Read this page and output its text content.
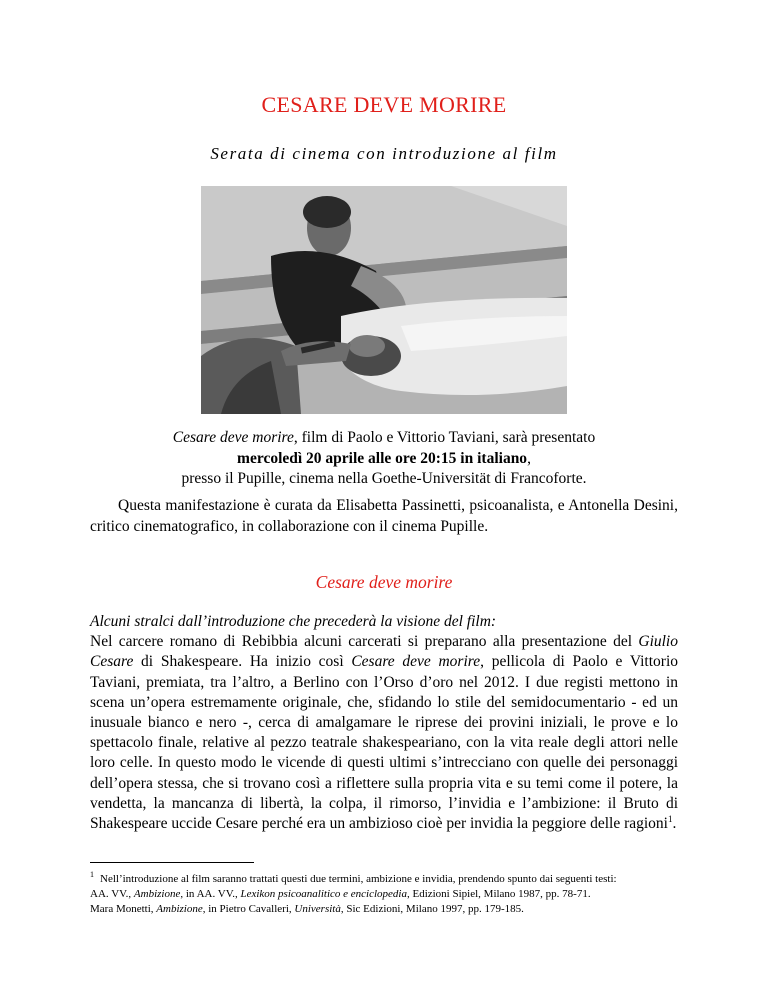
CESARE DEVE MORIRE
Serata di cinema con introduzione al film
Cesare deve morire, film di Paolo e Vittorio Taviani, sarà presentato
mercoledì 20 aprile alle ore 20:15 in italiano,
presso il Pupille, cinema nella Goethe-Universität di Francoforte.
Questa manifestazione è curata da Elisabetta Passinetti, psicoanalista, e Antonella Desini, critico cinematografico, in collaborazione con il cinema Pupille.
Cesare deve morire

Alcuni stralci dall’introduzione che precederà la visione del film:

Nel carcere romano di Rebibbia alcuni carcerati si preparano alla presentazione del Giulio Cesare di Shakespeare. Ha inizio così Cesare deve morire, pellicola di Paolo e Vittorio Taviani, premiata, tra l’altro, a Berlino con l’Orso d’oro nel 2012. I due registi mettono in scena un’opera estremamente originale, che, sfidando lo stile del semidocumentario - ed un inusuale bianco e nero -, cerca di amalgamare le riprese dei provini iniziali, le prove e lo spettacolo finale, relative al pezzo teatrale shakespeariano, con la vita reale degli attori nelle loro celle. In questo modo le vicende di questi ultimi s’intrecciano con quelle dei personaggi dell’opera stessa, che si trovano così a riflettere sulla propria vita e su temi come il potere, la vendetta, la mancanza di libertà, la colpa, il rimorso, l’invidia e l’ambizione: il Bruto di Shakespeare uccide Cesare perché era un ambizioso cioè per invidia la peggiore delle ragioni$^1$.

$^1$ Nell’introduzione al film saranno trattati questi due termini, ambizione e invidia, prendendo spunto dai seguenti testi:

AA. VV., Ambizione, in AA. VV., Lexikon psicoanalitico e enciclopedia, Edizioni Sipiel, Milano 1987, pp. 78-71.

Mara Monetti, Ambizione, in Pietro Cavalleri, Università, Sic Edizioni, Milano 1997, pp. 179-185.
